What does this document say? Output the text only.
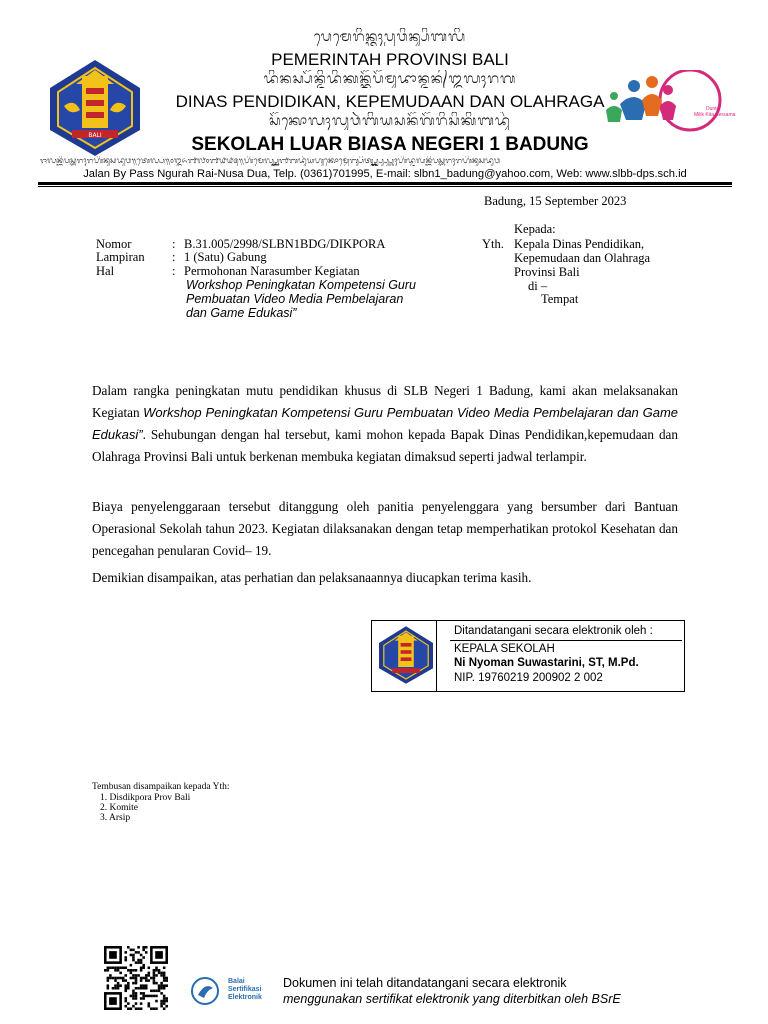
BALI
ᬧᬾᬫᬾᬭᬶᬦ᭄ᬢᬄᬧ᭄ᬭᬯᬶᬦ᭄ᬲᬶᬩᬮᬶ
PEMERINTAH PROVINSI BALI
ᬤᬶᬦᬲ᭄ᬧᭂᬦ᭄ᬤᬶᬤᬶᬓᬦ᭄ᬓᭂᬧᭂᬫᬸᬤᬵᬦ᭄ᬤᬦ᭄ᬑᬮᬄᬭᬕ
DINAS PENDIDIKAN, KEPEMUDAAN DAN OLAHRAGA
ᬲᭂᬓᭀᬮᬄᬮᬸᬯᬃᬩᬶᬬᬲᬦᭂᬕᭂᬭᬶᬲᬶᬓᬶᬩᬤᬸᬂ
SEKOLAH LUAR BIASA NEGERI 1 BADUNG
ᬚᬮᬦ᭄ᬩᬶᬧᬲ᭄ᬗᬸᬭᬄᬭᬳᬶᬦᬸᬲᬤᬸᬯ᭟ᬢᬾᬮ᭄ᬧ᭟᭐᭓᭖᭑᭗᭐᭑᭙᭙᭕᭟ᬳᬶᬫᬾᬮ᭄ᬲ᭄ᬮ᭄ᬩ᭄ᬦ᭑ᬩᬤᬸᬂᬬᬳᬸᬓᭀᬫ᭄ᬯᬾᬩ᭄ᬲᬶᬢ᭄ᬲ᭄ᬮ᭄ᬩ᭄ᬩ᭄ᬤ᭄ᬧ᭄ᬲ᭄ᬲ᭄ᬘᬄᬳᬶᬤ᭄ᬚᬮᬦ᭄ᬩᬶᬧᬲ᭄ᬗᬸᬭᬄᬭᬳᬶᬦᬸᬲᬤᬸᬯ
Jalan By Pass Ngurah Rai-Nusa Dua, Telp. (0361)701995, E-mail: slbn1_badung@yahoo.com, Web: www.slbb-dps.sch.id
Dunia
Milik Kita Bersama
Badung, 15 September 2023
Nomor	: B.31.005/2998/SLBN1BDG/DIKPORA
Lampiran : 1 (Satu) Gabung
Hal	: Permohonan Narasumber Kegiatan
Workshop Peningkatan Kompetensi Guru
Pembuatan Video Media Pembelajaran
dan Game Edukasi”
Kepada:
Yth. Kepala Dinas Pendidikan,
Kepemudaan dan Olahraga
Provinsi Bali
di –
Tempat
Dalam rangka peningkatan mutu pendidikan khusus di SLB Negeri 1 Badung, kami akan melaksanakan Kegiatan Workshop Peningkatan Kompetensi Guru Pembuatan Video Media Pembelajaran dan Game Edukasi”. Sehubungan dengan hal tersebut, kami mohon kepada Bapak Dinas Pendidikan,kepemudaan dan Olahraga Provinsi Bali untuk berkenan membuka kegiatan dimaksud seperti jadwal terlampir.
Biaya penyelenggaraan tersebut ditanggung oleh panitia penyelenggara yang bersumber dari Bantuan Operasional Sekolah tahun 2023. Kegiatan dilaksanakan dengan tetap memperhatikan protokol Kesehatan dan pencegahan penularan Covid– 19.
Demikian disampaikan, atas perhatian dan pelaksanaannya diucapkan terima kasih.
Ditandatangani secara elektronik oleh :
KEPALA SEKOLAH
Ni Nyoman Suwastarini, ST, M.Pd.
NIP. 19760219 200902 2 002
Tembusan disampaikan kepada Yth:
1. Disdikpora Prov Bali
2. Komite
3. Arsip
Balai
Sertifikasi
Elektronik
Dokumen ini telah ditandatangani secara elektronik
menggunakan sertifikat elektronik yang diterbitkan oleh BSrE
